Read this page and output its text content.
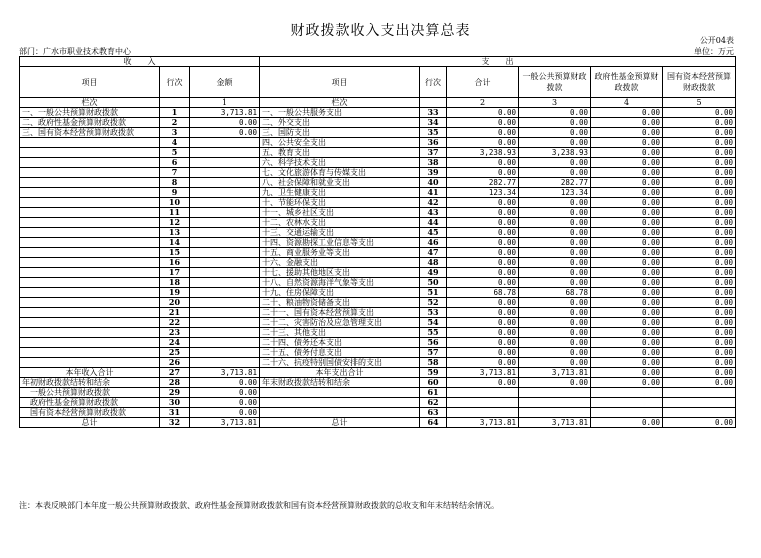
财政拨款收入支出决算总表
公开04表
部门：广水市职业技术教育中心	单位：万元
收　　入			支　　出					
项目	行次	金额	项目	行次	合计	一般公共预算财政拨款	政府性基金预算财政拨款	国有资本经营预算财政拨款
栏次		1	栏次		2	3	4	5
一、一般公共预算财政拨款	1	3,713.81	一、一般公共服务支出	33	0.00	0.00	0.00	0.00
二、政府性基金预算财政拨款	2	0.00	二、外交支出	34	0.00	0.00	0.00	0.00
三、国有资本经营预算财政拨款	3	0.00	三、国防支出	35	0.00	0.00	0.00	0.00
	4		四、公共安全支出	36	0.00	0.00	0.00	0.00
	5		五、教育支出	37	3,238.93	3,238.93	0.00	0.00
	6		六、科学技术支出	38	0.00	0.00	0.00	0.00
	7		七、文化旅游体育与传媒支出	39	0.00	0.00	0.00	0.00
	8		八、社会保障和就业支出	40	282.77	282.77	0.00	0.00
	9		九、卫生健康支出	41	123.34	123.34	0.00	0.00
	10		十、节能环保支出	42	0.00	0.00	0.00	0.00
	11		十一、城乡社区支出	43	0.00	0.00	0.00	0.00
	12		十二、农林水支出	44	0.00	0.00	0.00	0.00
	13		十三、交通运输支出	45	0.00	0.00	0.00	0.00
	14		十四、资源勘探工业信息等支出	46	0.00	0.00	0.00	0.00
	15		十五、商业服务业等支出	47	0.00	0.00	0.00	0.00
	16		十六、金融支出	48	0.00	0.00	0.00	0.00
	17		十七、援助其他地区支出	49	0.00	0.00	0.00	0.00
	18		十八、自然资源海洋气象等支出	50	0.00	0.00	0.00	0.00
	19		十九、住房保障支出	51	68.78	68.78	0.00	0.00
	20		二十、粮油物资储备支出	52	0.00	0.00	0.00	0.00
	21		二十一、国有资本经营预算支出	53	0.00	0.00	0.00	0.00
	22		二十二、灾害防治及应急管理支出	54	0.00	0.00	0.00	0.00
	23		二十三、其他支出	55	0.00	0.00	0.00	0.00
	24		二十四、债务还本支出	56	0.00	0.00	0.00	0.00
	25		二十五、债务付息支出	57	0.00	0.00	0.00	0.00
	26		二十六、抗疫特别国债安排的支出	58	0.00	0.00	0.00	0.00
本年收入合计	27	3,713.81	本年支出合计	59	3,713.81	3,713.81	0.00	0.00
年初财政拨款结转和结余	28	0.00	年末财政拨款结转和结余	60	0.00	0.00	0.00	0.00
一般公共预算财政拨款	29	0.00		61				
政府性基金预算财政拨款	30	0.00		62				
国有资本经营预算财政拨款	31	0.00		63				
总计	32	3,713.81	总计	64	3,713.81	3,713.81	0.00	0.00
注：本表反映部门本年度一般公共预算财政拨款、政府性基金预算财政拨款和国有资本经营预算财政拨款的总收支和年末结转结余情况。
